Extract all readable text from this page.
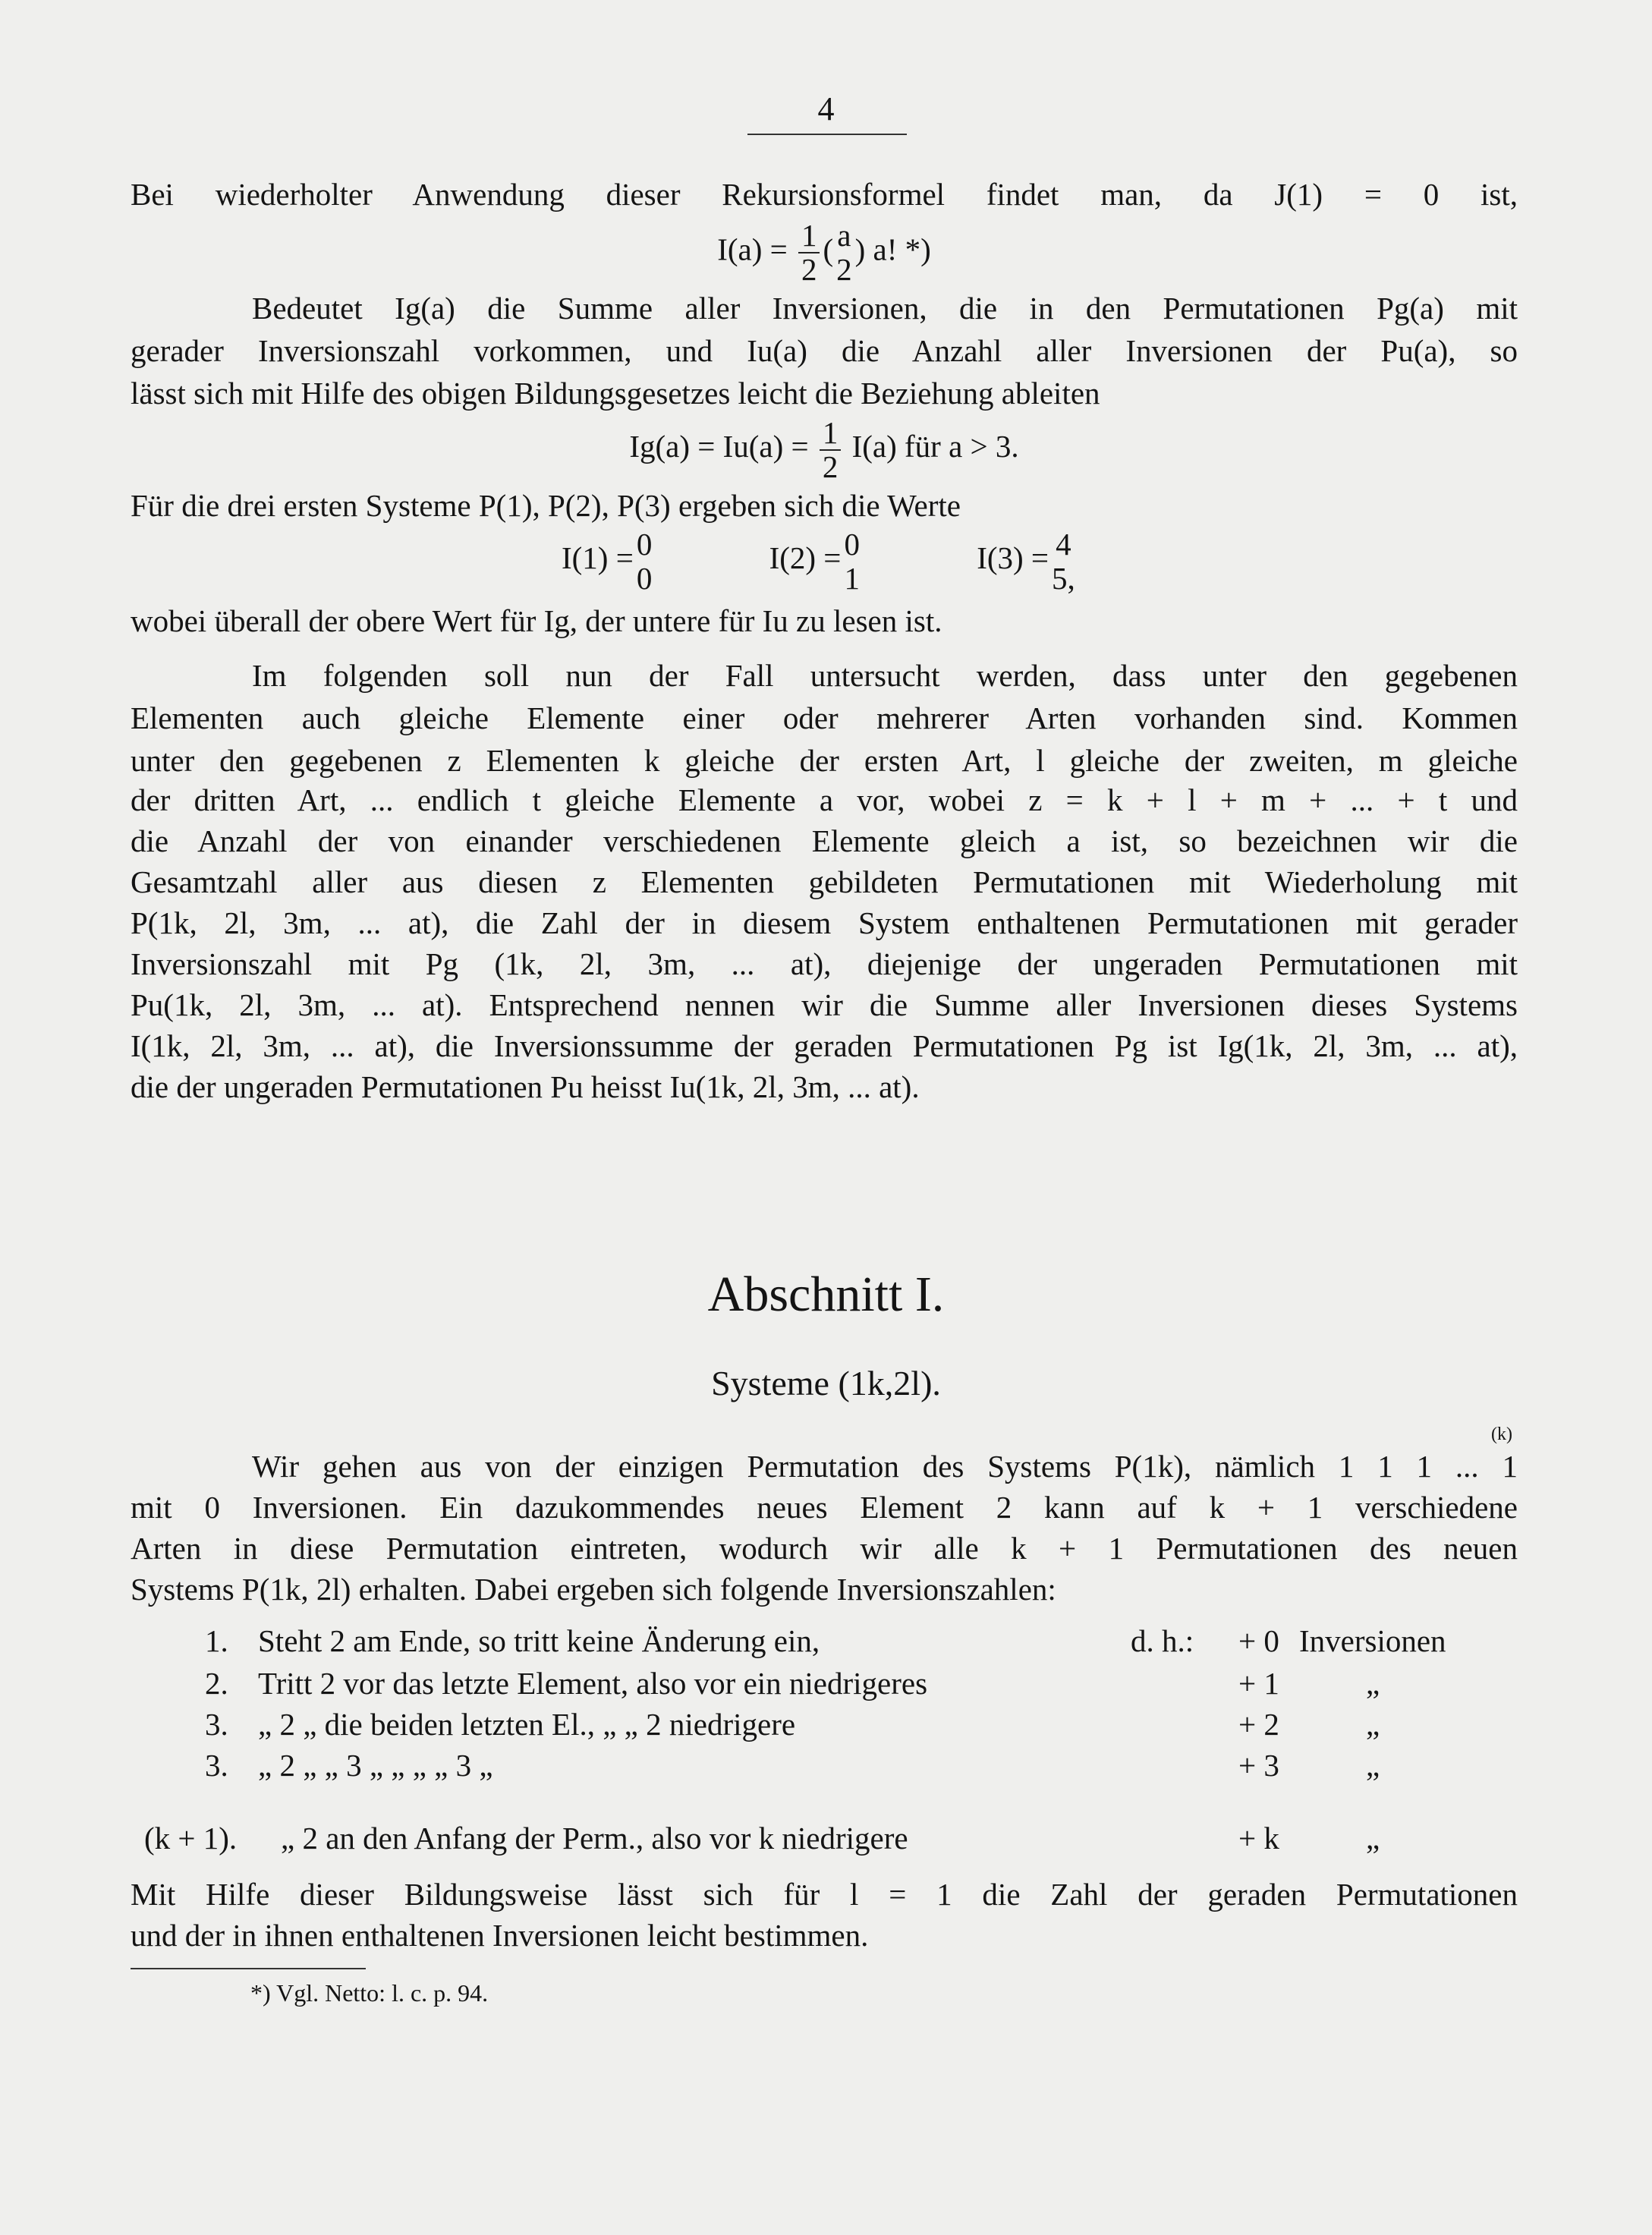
4
Bei wiederholter Anwendung dieser Rekursionsformel findet man, da J(1) = 0 ist,
$I(a) = \frac{1}{2}$ ( a
2
) a! *)
Bedeutet Ig(a) die Summe aller Inversionen, die in den Permutationen Pg(a) mit
gerader Inversionszahl vorkommen, und Iu(a) die Anzahl aller Inversionen der Pu(a), so
lässt sich mit Hilfe des obigen Bildungsgesetzes leicht die Beziehung ableiten
$Ig(a) = Iu(a) = \frac{1}{2} I(a)$ für a > 3.
Für die drei ersten Systeme P(1), P(2), P(3) ergeben sich die Werte
I(1) = 0
0
I(2) = 0
1
I(3) = 4
5,
wobei überall der obere Wert für Ig, der untere für Iu zu lesen ist.
Im folgenden soll nun der Fall untersucht werden, dass unter den gegebenen
Elementen auch gleiche Elemente einer oder mehrerer Arten vorhanden sind. Kommen
unter den gegebenen z Elementen k gleiche der ersten Art, l gleiche der zweiten, m gleiche
der dritten Art, ... endlich t gleiche Elemente a vor, wobei z = k + l + m + ... + t und
die Anzahl der von einander verschiedenen Elemente gleich a ist, so bezeichnen wir die
Gesamtzahl aller aus diesen z Elementen gebildeten Permutationen mit Wiederholung mit
P(1k, 2l, 3m, ... at), die Zahl der in diesem System enthaltenen Permutationen mit gerader
Inversionszahl mit Pg (1k, 2l, 3m, ... at), diejenige der ungeraden Permutationen mit
Pu(1k, 2l, 3m, ... at). Entsprechend nennen wir die Summe aller Inversionen dieses Systems
I(1k, 2l, 3m, ... at), die Inversionssumme der geraden Permutationen Pg ist Ig(1k, 2l, 3m, ... at),
die der ungeraden Permutationen Pu heisst Iu(1k, 2l, 3m, ... at).
Abschnitt I.
Systeme (1k,2l).
(k)
Wir gehen aus von der einzigen Permutation des Systems P(1k), nämlich 1 1 1 ... 1
mit 0 Inversionen. Ein dazukommendes neues Element 2 kann auf k + 1 verschiedene
Arten in diese Permutation eintreten, wodurch wir alle k + 1 Permutationen des neuen
Systems P(1k, 2l) erhalten. Dabei ergeben sich folgende Inversionszahlen:
1. Steht 2 am Ende, so tritt keine Änderung ein,	d. h.: + 0 Inversionen
2. Tritt 2 vor das letzte Element, also vor ein niedrigeres	+ 1	„
3. „ 2 „ die beiden letzten El., „ „ 2 niedrigere	+ 2	„
3. „ 2 „ „ 3 „ „ „ „ 3 „	+ 3	„
(k + 1). „ 2 an den Anfang der Perm., also vor k niedrigere	+ k	„
Mit Hilfe dieser Bildungsweise lässt sich für l = 1 die Zahl der geraden Permutationen
und der in ihnen enthaltenen Inversionen leicht bestimmen.
*) Vgl. Netto: l. c. p. 94.
